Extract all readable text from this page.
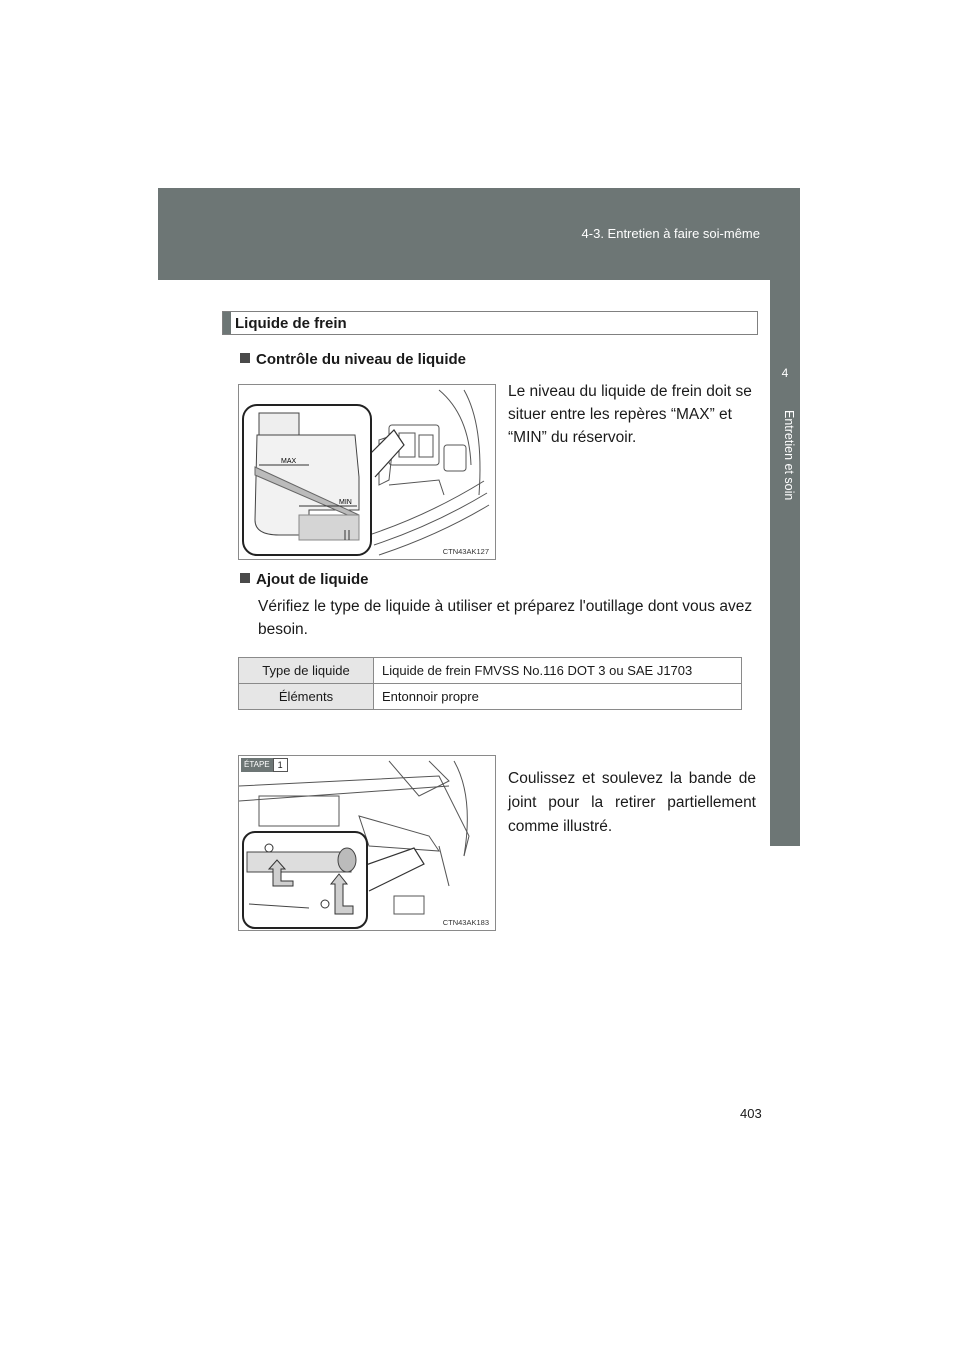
4-3. Entretien à faire soi-même
4
Entretien et soin
Liquide de frein
Contrôle du niveau de liquide
MAX
MIN
CTN43AK127
Le niveau du liquide de frein doit se situer entre les repères “MAX” et “MIN” du réservoir.
Ajout de liquide
Vérifiez le type de liquide à utiliser et préparez l'outillage dont vous avez besoin.
Type de liquide	Liquide de frein FMVSS No.116 DOT 3 ou SAE J1703
Éléments	Entonnoir propre
ÉTAPE 1
CTN43AK183
Coulissez et soulevez la bande de joint pour la retirer partiellement comme illustré.
403
